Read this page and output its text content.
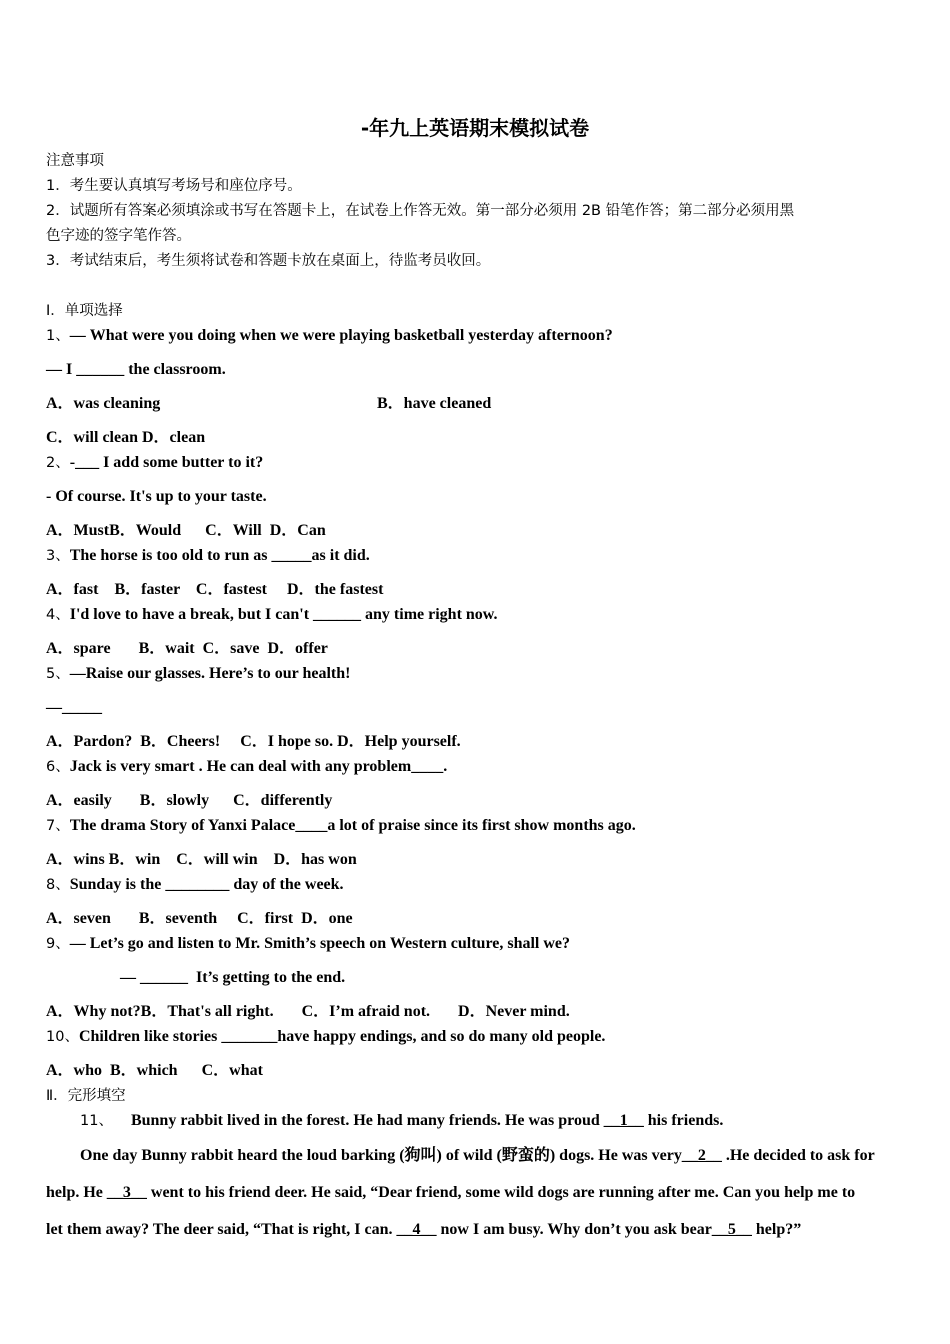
-年九上英语期末模拟试卷
注意事项
1．考生要认真填写考场号和座位序号。
2．试题所有答案必须填涂或书写在答题卡上，在试卷上作答无效。第一部分必须用 2B 铅笔作答；第二部分必须用黑
色字迹的签字笔作答。
3．考试结束后，考生须将试卷和答题卡放在桌面上，待监考员收回。
Ⅰ．单项选择
1、— What were you doing when we were playing basketball yesterday afternoon?
— I ______ the classroom.
A．was cleaning	B．have cleaned
C．will clean D．clean
2、-___ I add some butter to it?
- Of course. It's up to your taste.
A．MustB．Would      C．Will  D．Can
3、The horse is too old to run as _____as it did.
A．fast    B．faster    C．fastest     D．the fastest
4、I'd love to have a break, but I can't ______ any time right now.
A．spare       B．wait  C．save  D．offer
5、—Raise our glasses. Here’s to our health!
—_____
A．Pardon?  B．Cheers!     C．I hope so. D．Help yourself.
6、Jack is very smart . He can deal with any problem____.
A．easily       B．slowly      C．differently
7、The drama Story of Yanxi Palace____a lot of praise since its first show months ago.
A．wins B．win    C．will win    D．has won
8、Sunday is the ________ day of the week.
A．seven       B．seventh     C．first  D．one
9、— Let’s go and listen to Mr. Smith’s speech on Western culture, shall we?
— ______  It’s getting to the end.
A．Why not?B．That's all right.       C．I’m afraid not.       D．Never mind.
10、Children like stories _______have happy endings, and so do many old people.
A．who  B．which      C．what
Ⅱ．完形填空
11、 Bunny rabbit lived in the forest. He had many friends. He was proud __1__ his friends.
One day Bunny rabbit heard the loud barking (狗叫) of wild (野蛮的) dogs. He was very__2__ .He decided to ask for
help. He __3__ went to his friend deer. He said, “Dear friend, some wild dogs are running after me. Can you help me to
let them away? The deer said, “That is right, I can. __4__ now I am busy. Why don’t you ask bear__5__ help?”
